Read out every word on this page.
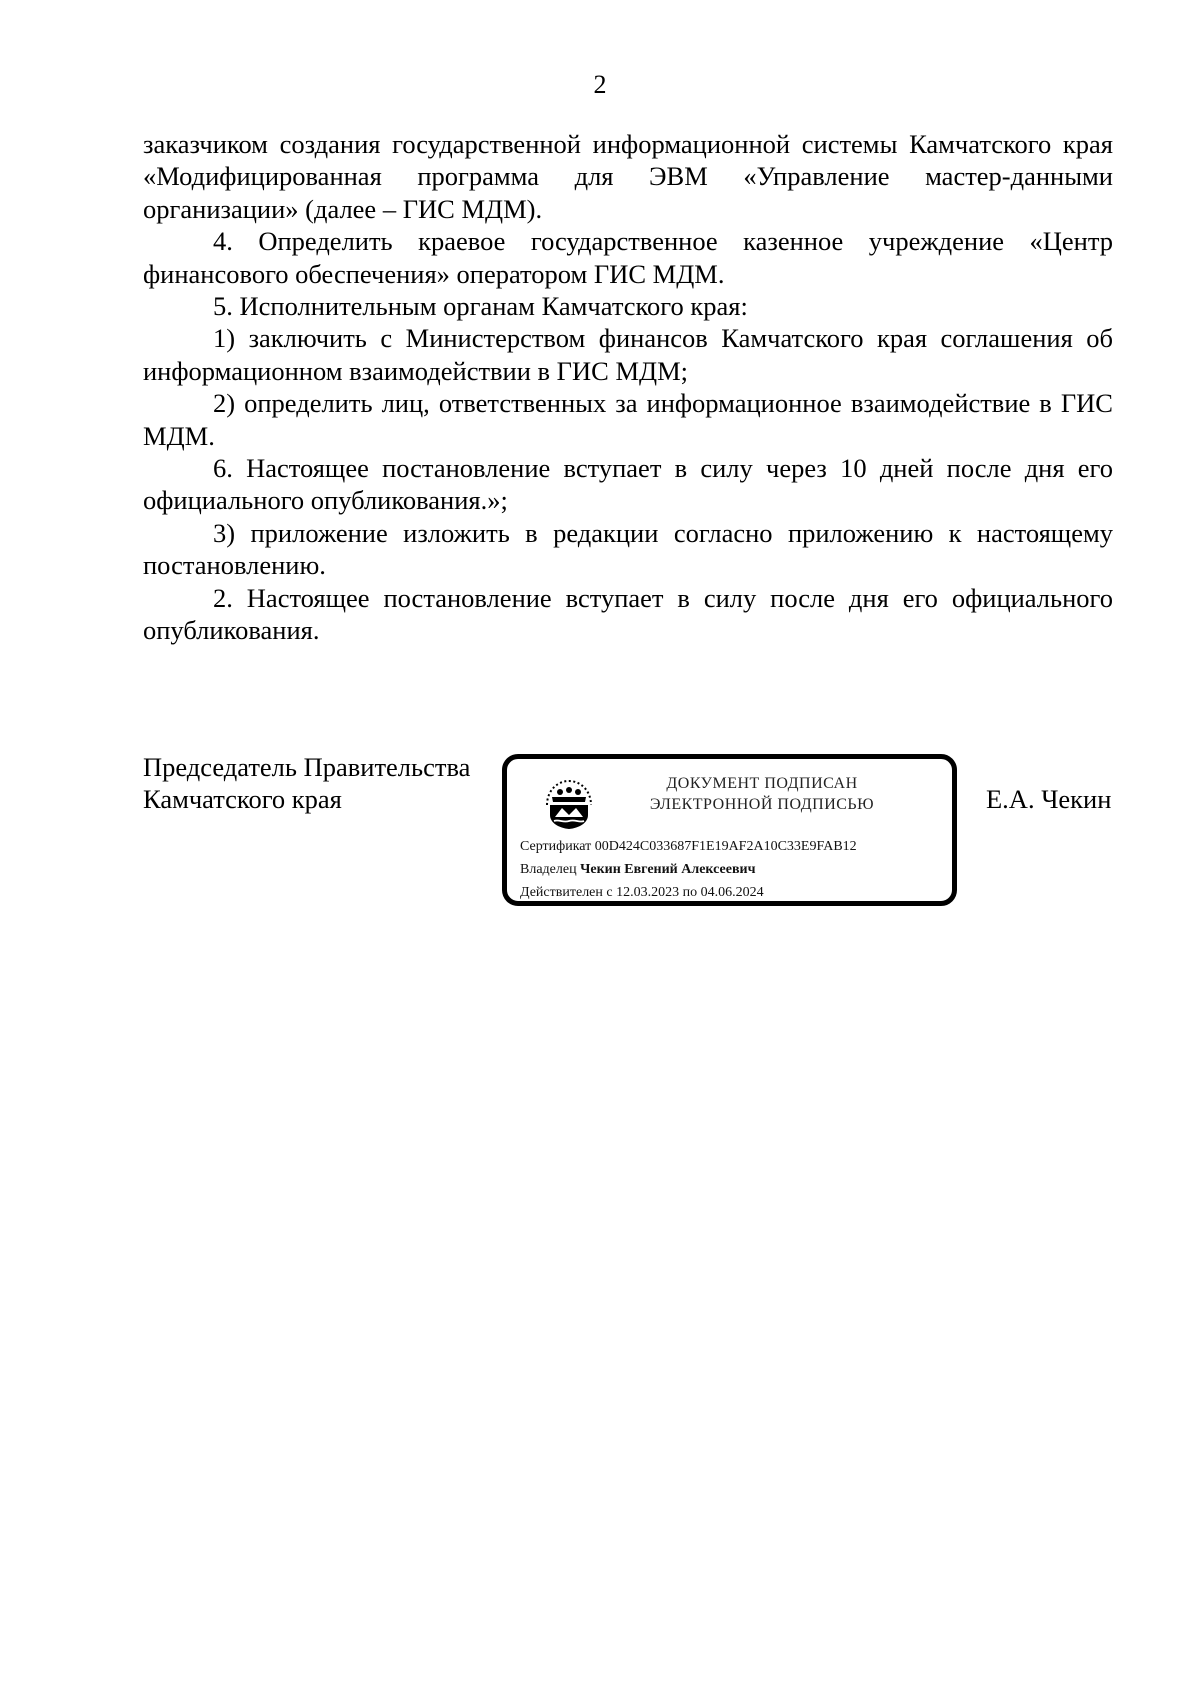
2

заказчиком создания государственной информационной системы Камчатского края «Модифицированная программа для ЭВМ «Управление мастер-данными организации» (далее – ГИС МДМ).

4. Определить краевое государственное казенное учреждение «Центр финансового обеспечения» оператором ГИС МДМ.

5. Исполнительным органам Камчатского края:

1) заключить с Министерством финансов Камчатского края соглашения об информационном взаимодействии в ГИС МДМ;

2) определить лиц, ответственных за информационное взаимодействие в ГИС МДМ.

6. Настоящее постановление вступает в силу через 10 дней после дня его официального опубликования.»;

3) приложение изложить в редакции согласно приложению к настоящему постановлению.

2. Настоящее постановление вступает в силу после дня его официального опубликования.

Председатель Правительства
Камчатского края
ДОКУМЕНТ ПОДПИСАН
ЭЛЕКТРОННОЙ ПОДПИСЬЮ
Сертификат 00D424C033687F1E19AF2A10C33E9FAB12
Владелец Чекин Евгений Алексеевич
Действителен с 12.03.2023 по 04.06.2024
Е.А. Чекин
